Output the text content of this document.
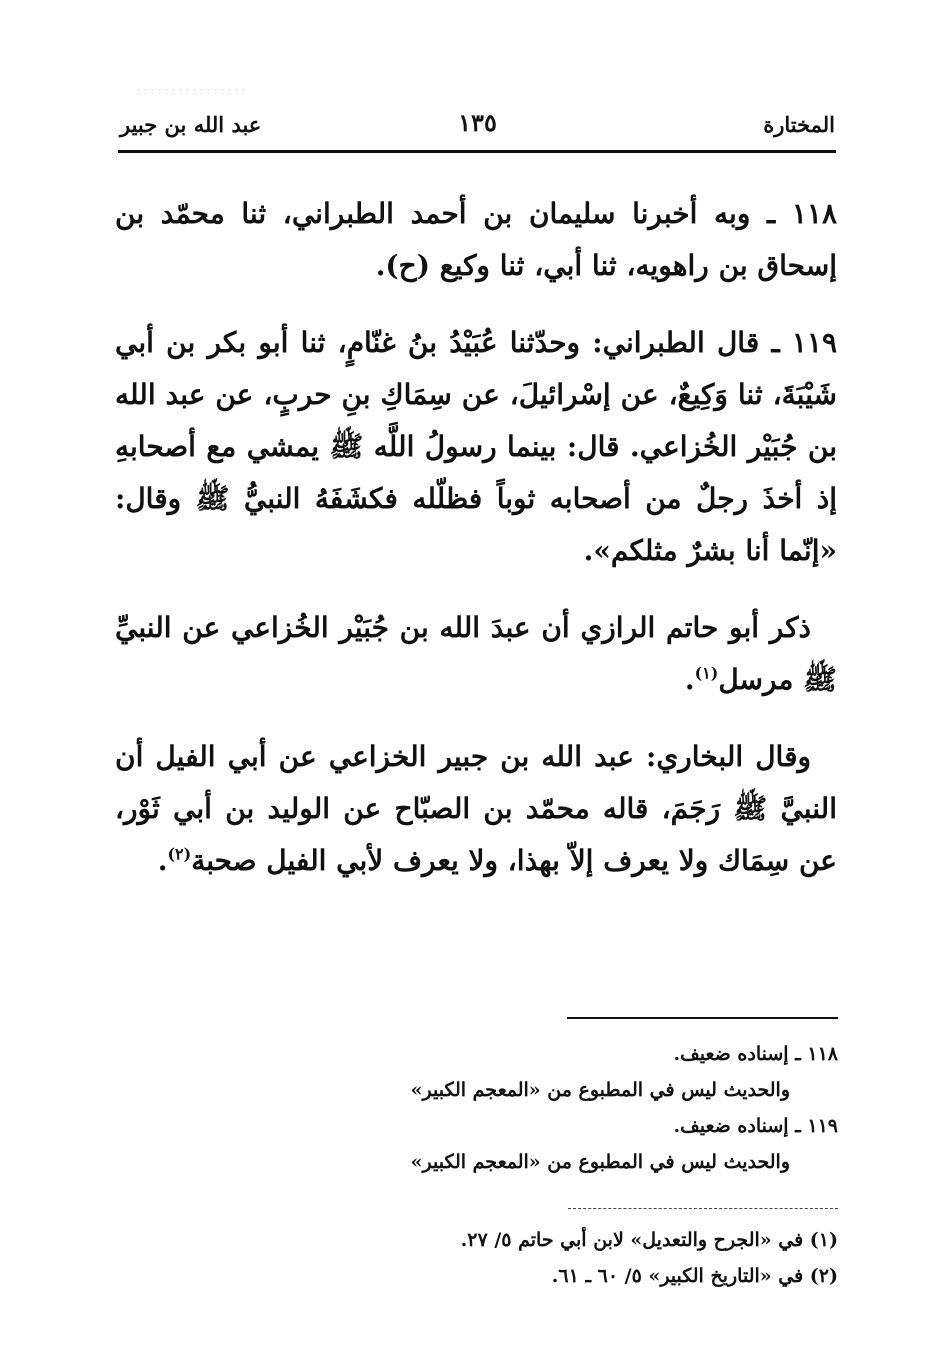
المختارة
١٣٥
عبد الله بن جبير

١١٨ ـ وبه أخبرنا سليمان بن أحمد الطبراني، ثنا محمّد بن إسحاق بن راهويه، ثنا أبي، ثنا وكيع (ح).

١١٩ ـ قال الطبراني: وحدّثنا عُبَيْدُ بنُ غنّامٍ، ثنا أبو بكر بن أبي شَيْبَةَ، ثنا وَكِيعٌ، عن إسْرائيلَ، عن سِمَاكِ بنِ حربٍ، عن عبد الله بن جُبَيْر الخُزاعي. قال: بينما رسولُ اللَّه ﷺ يمشي مع أصحابهِ إذ أخذَ رجلٌ من أصحابه ثوباً فظلّله فكشَفَهُ النبيُّ ﷺ وقال: «إنّما أنا بشرٌ مثلكم».

ذكر أبو حاتم الرازي أن عبدَ الله بن جُبَيْر الخُزاعي عن النبيِّ ﷺ مرسل$^{(١)}$.

وقال البخاري: عبد الله بن جبير الخزاعي عن أبي الفيل أن النبيَّ ﷺ رَجَمَ، قاله محمّد بن الصبّاح عن الوليد بن أبي ثَوْر، عن سِمَاك ولا يعرف إلاّ بهذا، ولا يعرف لأبي الفيل صحبة$^{(٢)}$.

١١٨ ـ إسناده ضعيف.
والحديث ليس في المطبوع من «المعجم الكبير»
١١٩ ـ إسناده ضعيف.
والحديث ليس في المطبوع من «المعجم الكبير»
(١) في «الجرح والتعديل» لابن أبي حاتم ٥/ ٢٧.
(٢) في «التاريخ الكبير» ٥/ ٦٠ ـ ٦١.
